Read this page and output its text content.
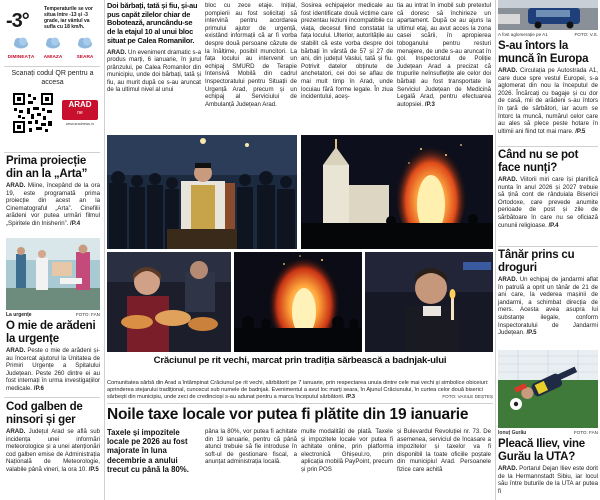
-3°
Temperaturile se vor situa între -13 și -3 grade, iar vântul va sufla cu 18 km/h.
DIMINEAȚA	AMIAZA	SEARA
Scanați codul QR pentru a accesa
ARAD
ne
www.aradnews.ro
Prima proiecție din an la „Arta”
ARAD. Miine, începând de la ora 19, este programată prima proiecție din acest an la Cinematograful „Arta”. Cinefilii arădeni vor putea urmări filmul „Spiritele din Inisherin”. /P.4
La urgențe	FOTO: FAN
O mie de arădeni la urgențe
ARAD. Peste o mie de arădeni și-au încercat ajutorul la Unitatea de Primiri Urgențe a Spitalului Județean. Peste 260 dintre ei au fost internați în urma investigațiilor medicale. /P.6
Cod galben de ninsori și ger
ARAD. Județul Arad se află sub incidența unei informări meteorologice și a unei atenționări cod galben emise de Administrația Națională de Meteorologie, valabile până vineri, la ora 10. /P.5
Doi bărbați, tată și fiu, și-au pus capăt zilelor chiar de Bobotează, aruncându-se de la etajul 10 al unui bloc situat pe Calea Romanilor.
ARAD. Un eveniment dramatic s-a produs marți, 6 ianuarie, în jurul prânzului, pe Calea Romanilor din municipiu, unde doi bărbați, tată și fiu, au murit după ce s-au aruncat de la ultimul nivel al unui
bloc cu zece etaje. Inițial, pompierii au fost solicitați să intervină pentru acordarea primului ajutor de urgență, existând informații că ar fi vorba despre două persoane căzute de la înălțime, posibil muncitori. La fața locului au intervenit un echipaj SMURD de Terapie Intensivă Mobilă din cadrul Inspectoratului pentru Situații de Urgență Arad, precum și un echipaj al Serviciului de Ambulanță Județean Arad.
Sosirea echipajelor medicale au fost identificate două victime care prezentau leziuni incompatibile cu viața, decesul fiind constatat la fața locului. Ulterior, autoritățile au stabilit că este vorba despre doi bărbați în vârstă de 57 și 27 de ani, din județul Vaslui, tată și fiu. Potrivit datelor obținute de anchetatori, cei doi se aflau de mai mult timp în Arad, unde locuiau fără forme legale. În ziua incidentului, aceș-
tia au intrat în imobil sub pretextul că doresc să închirieze un apartament. După ce au ajuns la ultimul etaj, au avut acces la zona casei scării, în apropierea toboganului pentru resturi menajere, de unde s-au aruncat în gol. Inspectoratul de Poliție Județean Arad a precizat că trupurile neînsuflețite ale celor doi bărbați au fost transportate la Serviciul Județean de Medicină Legală Arad, pentru efectuarea autopsiei. /P.3
Crăciunul pe rit vechi, marcat prin tradiția sărbească a badnjak-ului
Comunitatea sârbă din Arad a întâmpinat Crăciunul pe rit vechi, sărbătorit pe 7 ianuarie, prin respectarea unuia dintre cele mai vechi și simbolice obiceiuri: aprinderea stejarului tradițional, cunoscut sub numele de badnjak. Evenimentul a avut loc marți seara, în Ajunul Crăciunului, în curtea celor două biserici sârbești din municipiu, unde zeci de credincioși s-au adunat pentru a marca începutul sărbătorii. /P.3	FOTO: VASILE DEȘTEȘ
Noile taxe locale vor putea fi plătite din 19 ianuarie
Taxele și impozitele locale pe 2026 au fost majorate în luna decembrie a anului trecut cu până la 80%.
pâna la 80%, vor putea fi achitate din 19 ianuarie, pentru că până atunci trebuie să fie introduse în soft-ul de gestionare fiscal, a anunțat administrația locală.
multe modalități de plată. Taxele și impozitele locale vor putea fi achitate online, prin platforma electronică Ghișeul.ro, prin aplicația mobilă PayPoint, precum și prin POS
și Bulevardul Revoluției nr. 73. De asemenea, serviciul de încasare a impozitelor și taxelor va fi disponibil la toate oficiile poștale din municipiul Arad. Persoanele fizice care achită
A fost aglomerație pe A1	FOTO: V.S.
S-au întors la muncă în Europa
ARAD. Circulația pe Autostrada A1, care duce spre vestul Europei, s-a aglomerat din nou la începutul de 2026. Încărcați cu bagaje și cu dor de casă, mii de arădeni s-au întors în țară de sărbători, iar acum se întorc la muncă, numărul celor care au ales să plece peste hotare în ultimii ani fiind tot mai mare. /P.5
Când nu se pot face nunți?
ARAD. Viitorii miri care își planifică nunta în anul 2026 și 2027 trebuie să țină cont de rânduiala Bisericii Ortodoxe, care prevede anumite perioade de post și zile de sărbătoare în care nu se oficiază cununii religioase. /P.4
Tânăr prins cu droguri
ARAD. Un echipaj de jandarmi aflat în patrulă a oprit un tânăr de 21 de ani care, la vederea mașinii de jandarmi, a schimbat direcția de mers. Acesta avea asupra lui substanțe ilegale, conform Inspectoratului de Jandarmi Județean. /P.5
Ionuț Gurău	FOTO: FAN
Pleacă Iliev, vine Gurău la UTA?
ARAD. Portarul Dejan Iliev este dorit de la Hermannstadt Sibiu, iar locul său între buturile de la UTA ar putea fi
